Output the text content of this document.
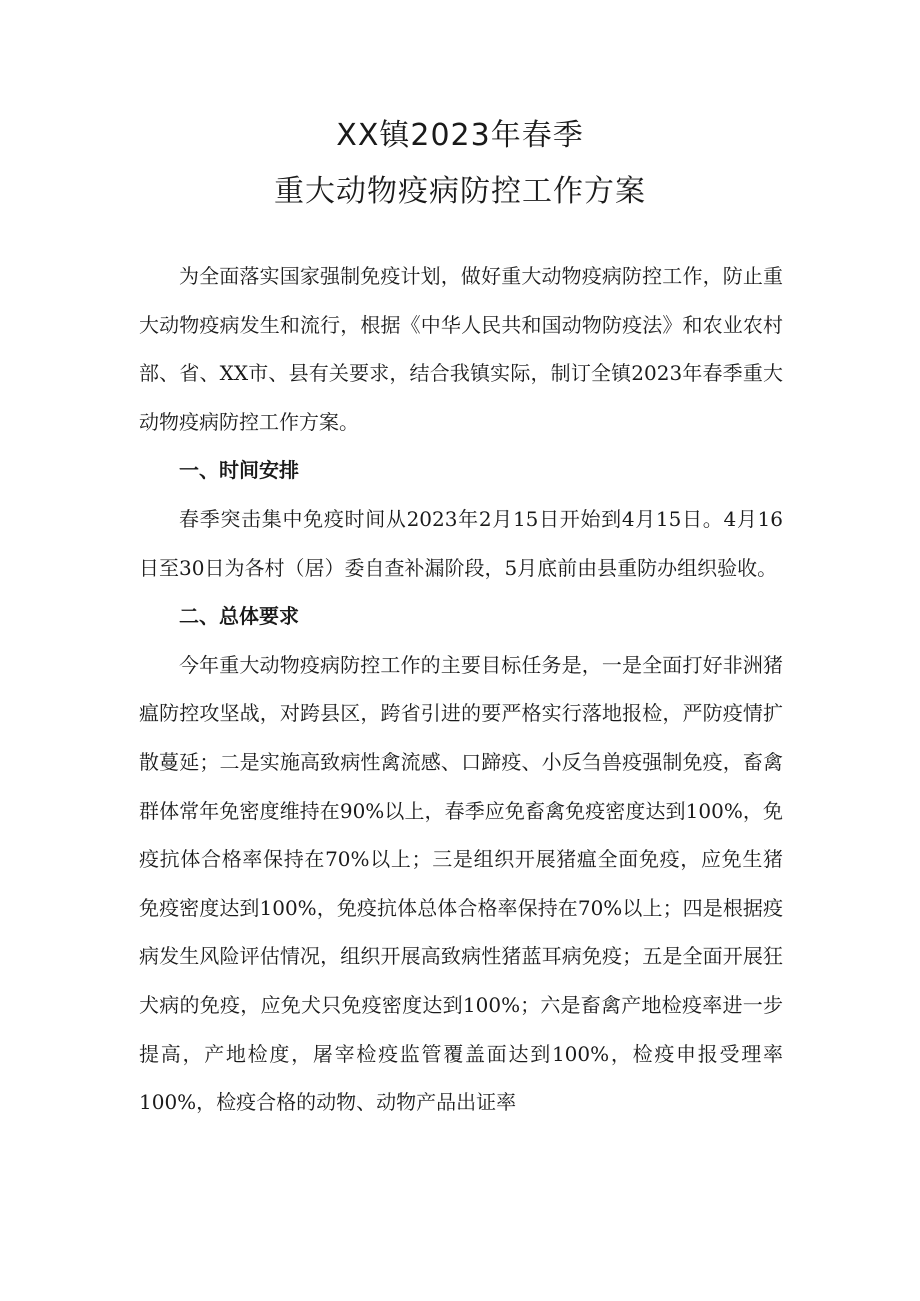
XX镇2023年春季
重大动物疫病防控工作方案

为全面落实国家强制免疫计划，做好重大动物疫病防控工作，防止重大动物疫病发生和流行，根据《中华人民共和国动物防疫法》和农业农村部、省、XX市、县有关要求，结合我镇实际，制订全镇2023年春季重大动物疫病防控工作方案。

一、时间安排

春季突击集中免疫时间从2023年2月15日开始到4月15日。4月16日至30日为各村（居）委自查补漏阶段，5月底前由县重防办组织验收。

二、总体要求

今年重大动物疫病防控工作的主要目标任务是，一是全面打好非洲猪瘟防控攻坚战，对跨县区，跨省引进的要严格实行落地报检，严防疫情扩散蔓延；二是实施高致病性禽流感、口蹄疫、小反刍兽疫强制免疫，畜禽群体常年免密度维持在90%以上，春季应免畜禽免疫密度达到100%，免疫抗体合格率保持在70%以上；三是组织开展猪瘟全面免疫，应免生猪免疫密度达到100%，免疫抗体总体合格率保持在70%以上；四是根据疫病发生风险评估情况，组织开展高致病性猪蓝耳病免疫；五是全面开展狂犬病的免疫，应免犬只免疫密度达到100%；六是畜禽产地检疫率进一步提高，产地检度，屠宰检疫监管覆盖面达到100%，检疫申报受理率100%，检疫合格的动物、动物产品出证率
